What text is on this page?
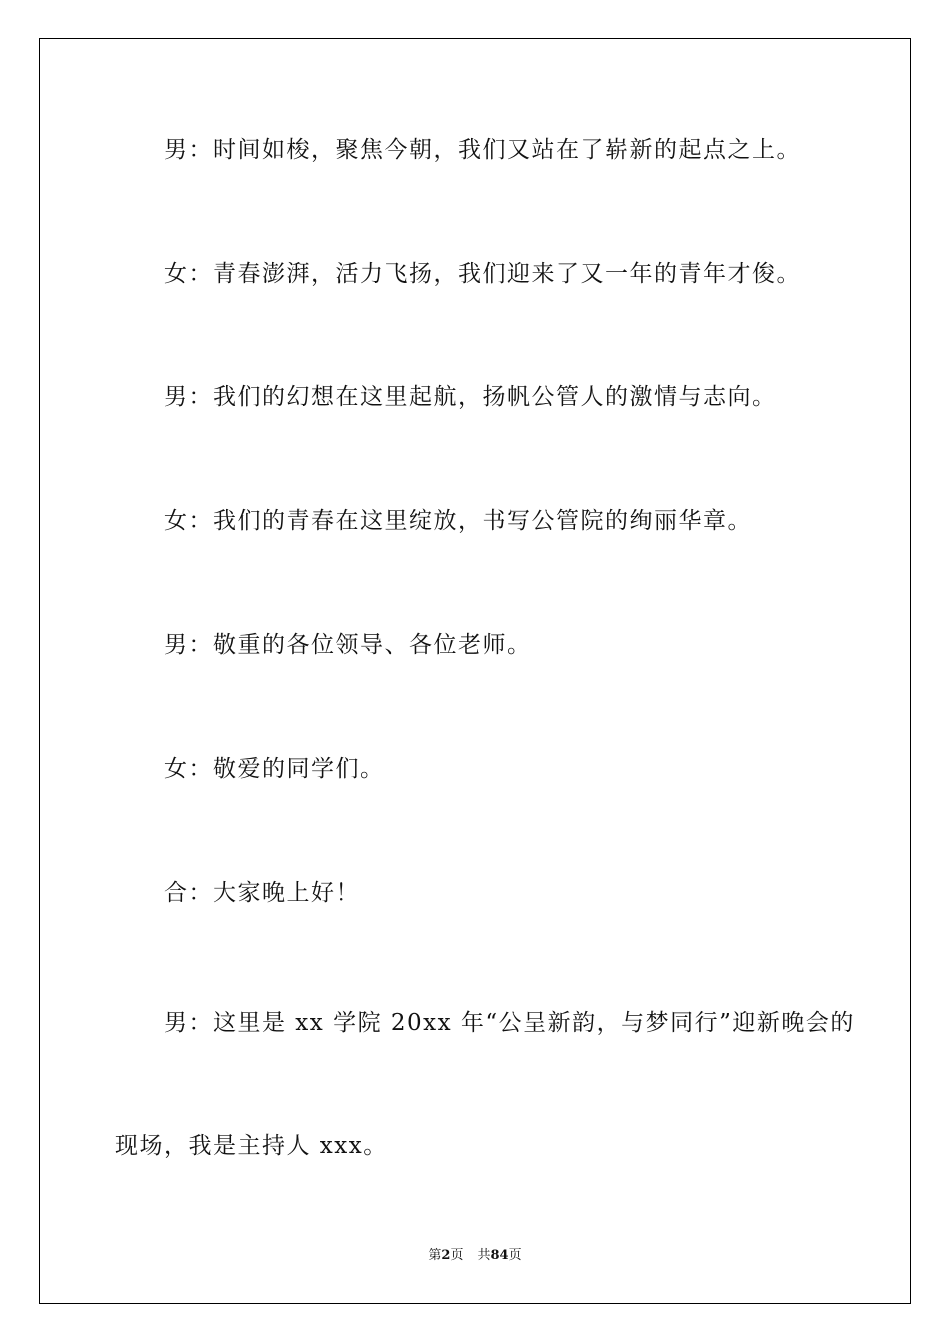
男：时间如梭，聚焦今朝，我们又站在了崭新的起点之上。
女：青春澎湃，活力飞扬，我们迎来了又一年的青年才俊。
男：我们的幻想在这里起航，扬帆公管人的激情与志向。
女：我们的青春在这里绽放，书写公管院的绚丽华章。
男：敬重的各位领导、各位老师。
女：敬爱的同学们。
合：大家晚上好！
男：这里是 xx 学院 20xx 年“公呈新韵，与梦同行”迎新晚会的
现场，我是主持人 xxx。
第2页 共84页
